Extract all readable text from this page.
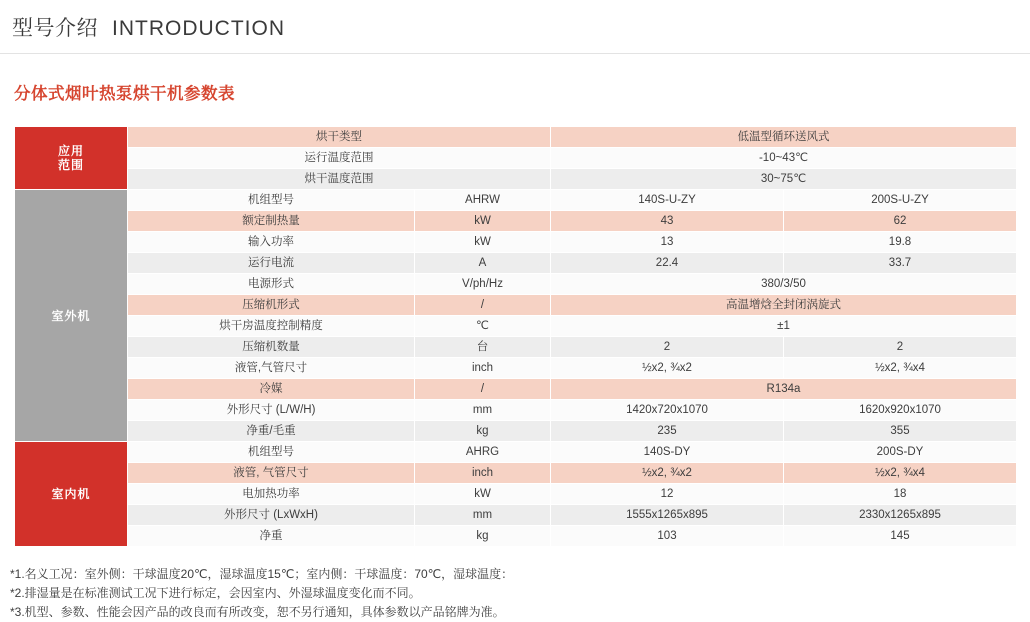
型号介绍 INTRODUCTION
分体式烟叶热泵烘干机参数表
应用
范围	烘干类型		低温型循环送风式	
	运行温度范围		-10~43℃	
	烘干温度范围		30~75℃	
室外机	机组型号	AHRW	140S-U-ZY	200S-U-ZY
	额定制热量	kW	43	62
	输入功率	kW	13	19.8
	运行电流	A	22.4	33.7
	电源形式	V/ph/Hz	380/3/50	
	压缩机形式	/	高温增焓全封闭涡旋式	
	烘干房温度控制精度	℃	±1	
	压缩机数量	台	2	2
	液管,气管尺寸	inch	½x2, ¾x2	½x2, ¾x4
	冷媒	/	R134a	
	外形尺寸 (L/W/H)	mm	1420x720x1070	1620x920x1070
	净重/毛重	kg	235	355
室内机	机组型号	AHRG	140S-DY	200S-DY
	液管, 气管尺寸	inch	½x2, ¾x2	½x2, ¾x4
	电加热功率	kW	12	18
	外形尺寸 (LxWxH)	mm	1555x1265x895	2330x1265x895
	净重	kg	103	145
*1.名义工况：室外侧：干球温度20℃，湿球温度15℃；室内侧：干球温度：70℃，湿球温度：
*2.排湿量是在标准测试工况下进行标定，会因室内、外湿球温度变化而不同。
*3.机型、参数、性能会因产品的改良而有所改变，恕不另行通知，具体参数以产品铭牌为准。
